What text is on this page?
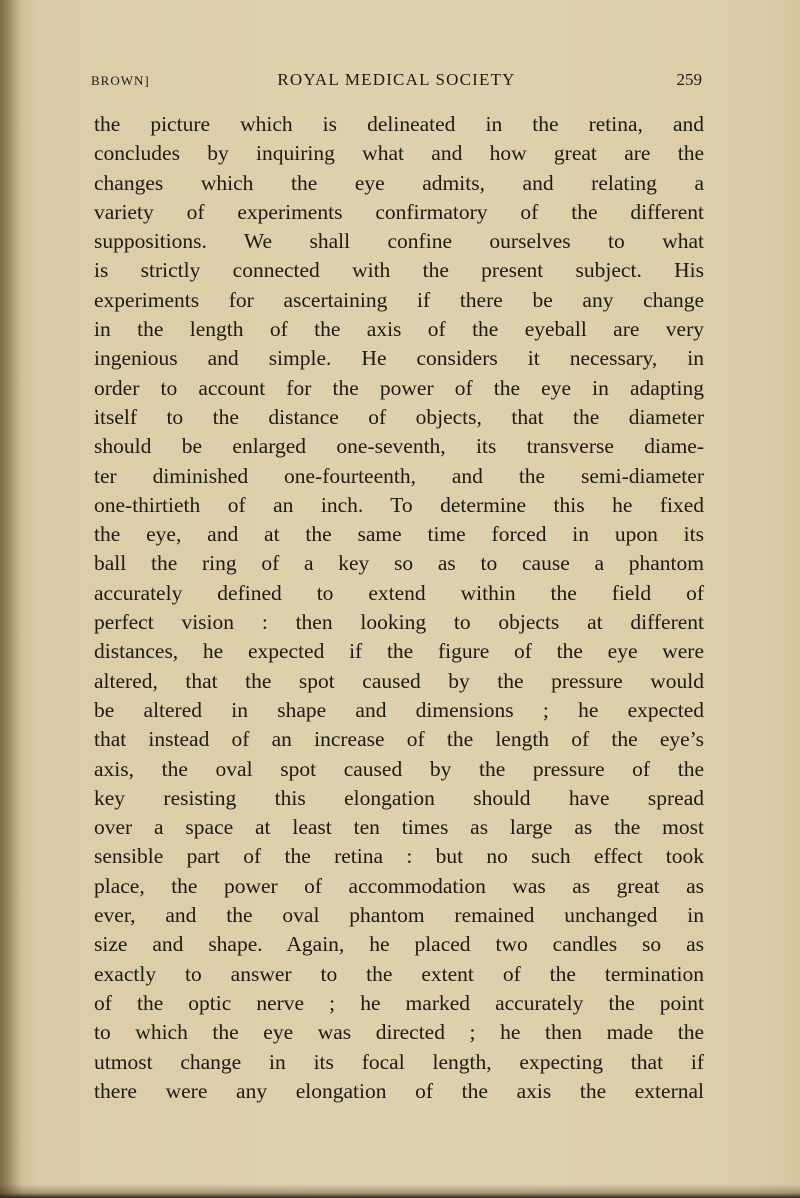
BROWN]	ROYAL MEDICAL SOCIETY	259
the picture which is delineated in the retina, and
concludes by inquiring what and how great are the
changes which the eye admits, and relating a
variety of experiments confirmatory of the different
suppositions. We shall confine ourselves to what
is strictly connected with the present subject. His
experiments for ascertaining if there be any change
in the length of the axis of the eyeball are very
ingenious and simple. He considers it necessary, in
order to account for the power of the eye in adapting
itself to the distance of objects, that the diameter
should be enlarged one-seventh, its transverse diame-
ter diminished one-fourteenth, and the semi-diameter
one-thirtieth of an inch. To determine this he fixed
the eye, and at the same time forced in upon its
ball the ring of a key so as to cause a phantom
accurately defined to extend within the field of
perfect vision : then looking to objects at different
distances, he expected if the figure of the eye were
altered, that the spot caused by the pressure would
be altered in shape and dimensions ; he expected
that instead of an increase of the length of the eye’s
axis, the oval spot caused by the pressure of the
key resisting this elongation should have spread
over a space at least ten times as large as the most
sensible part of the retina : but no such effect took
place, the power of accommodation was as great as
ever, and the oval phantom remained unchanged in
size and shape. Again, he placed two candles so as
exactly to answer to the extent of the termination
of the optic nerve ; he marked accurately the point
to which the eye was directed ; he then made the
utmost change in its focal length, expecting that if
there were any elongation of the axis the external
